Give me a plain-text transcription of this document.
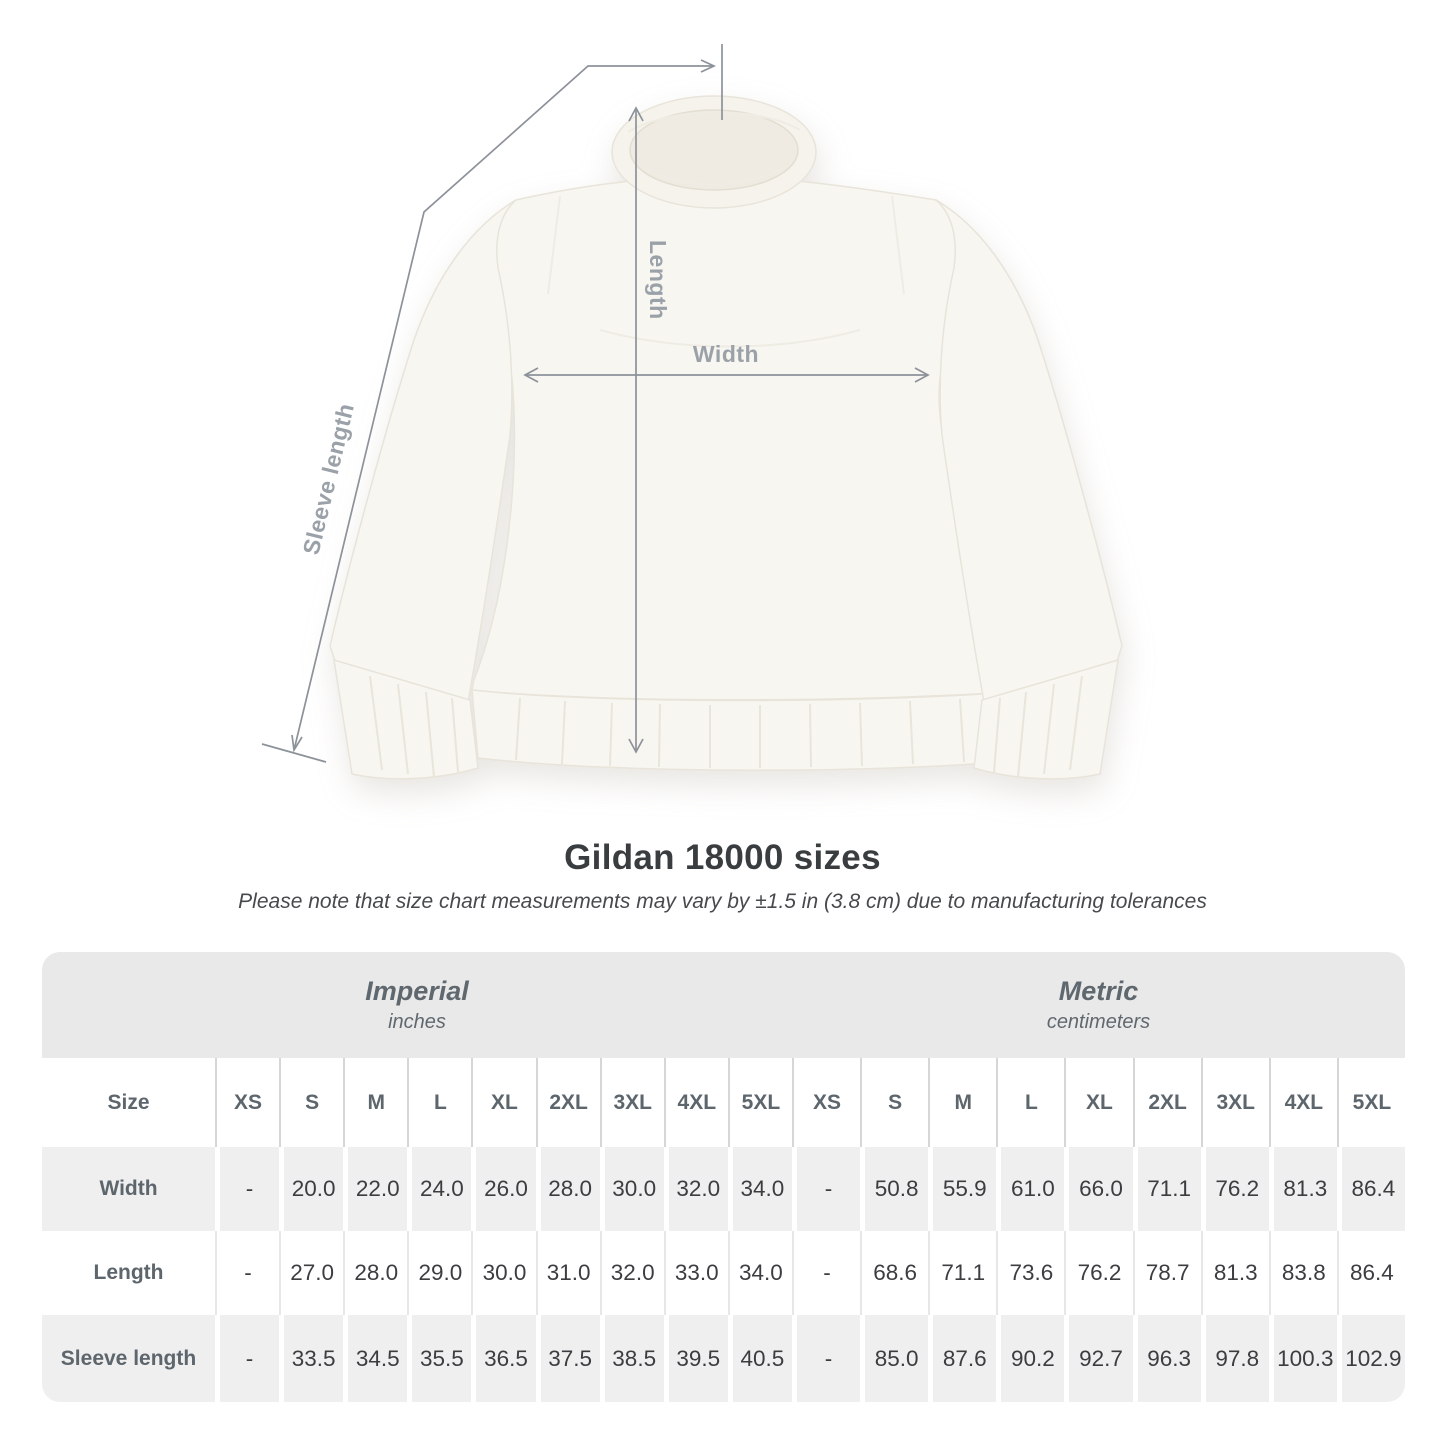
Length
Width
Sleeve length
Gildan 18000 sizes

Please note that size chart measurements may vary by ±1.5 in (3.8 cm) due to manufacturing tolerances

Imperial
inches
Metric
centimeters
Size	XS	S	M	L	XL	2XL	3XL	4XL	5XL	XS	S	M	L	XL	2XL	3XL	4XL	5XL
Width	-	20.0 22.0 24.0 26.0 28.0 30.0 32.0 34.0	-	50.8	55.9	61.0	66.0	71.1	76.2	81.3	86.4
Length	-	27.0 28.0 29.0 30.0 31.0 32.0 33.0 34.0	-	68.6	71.1	73.6	76.2	78.7	81.3	83.8	86.4
Sleeve length	-	33.5 34.5 35.5 36.5 37.5 38.5 39.5 40.5	-	85.0	87.6	90.2	92.7	96.3	97.8 100.3 102.9
